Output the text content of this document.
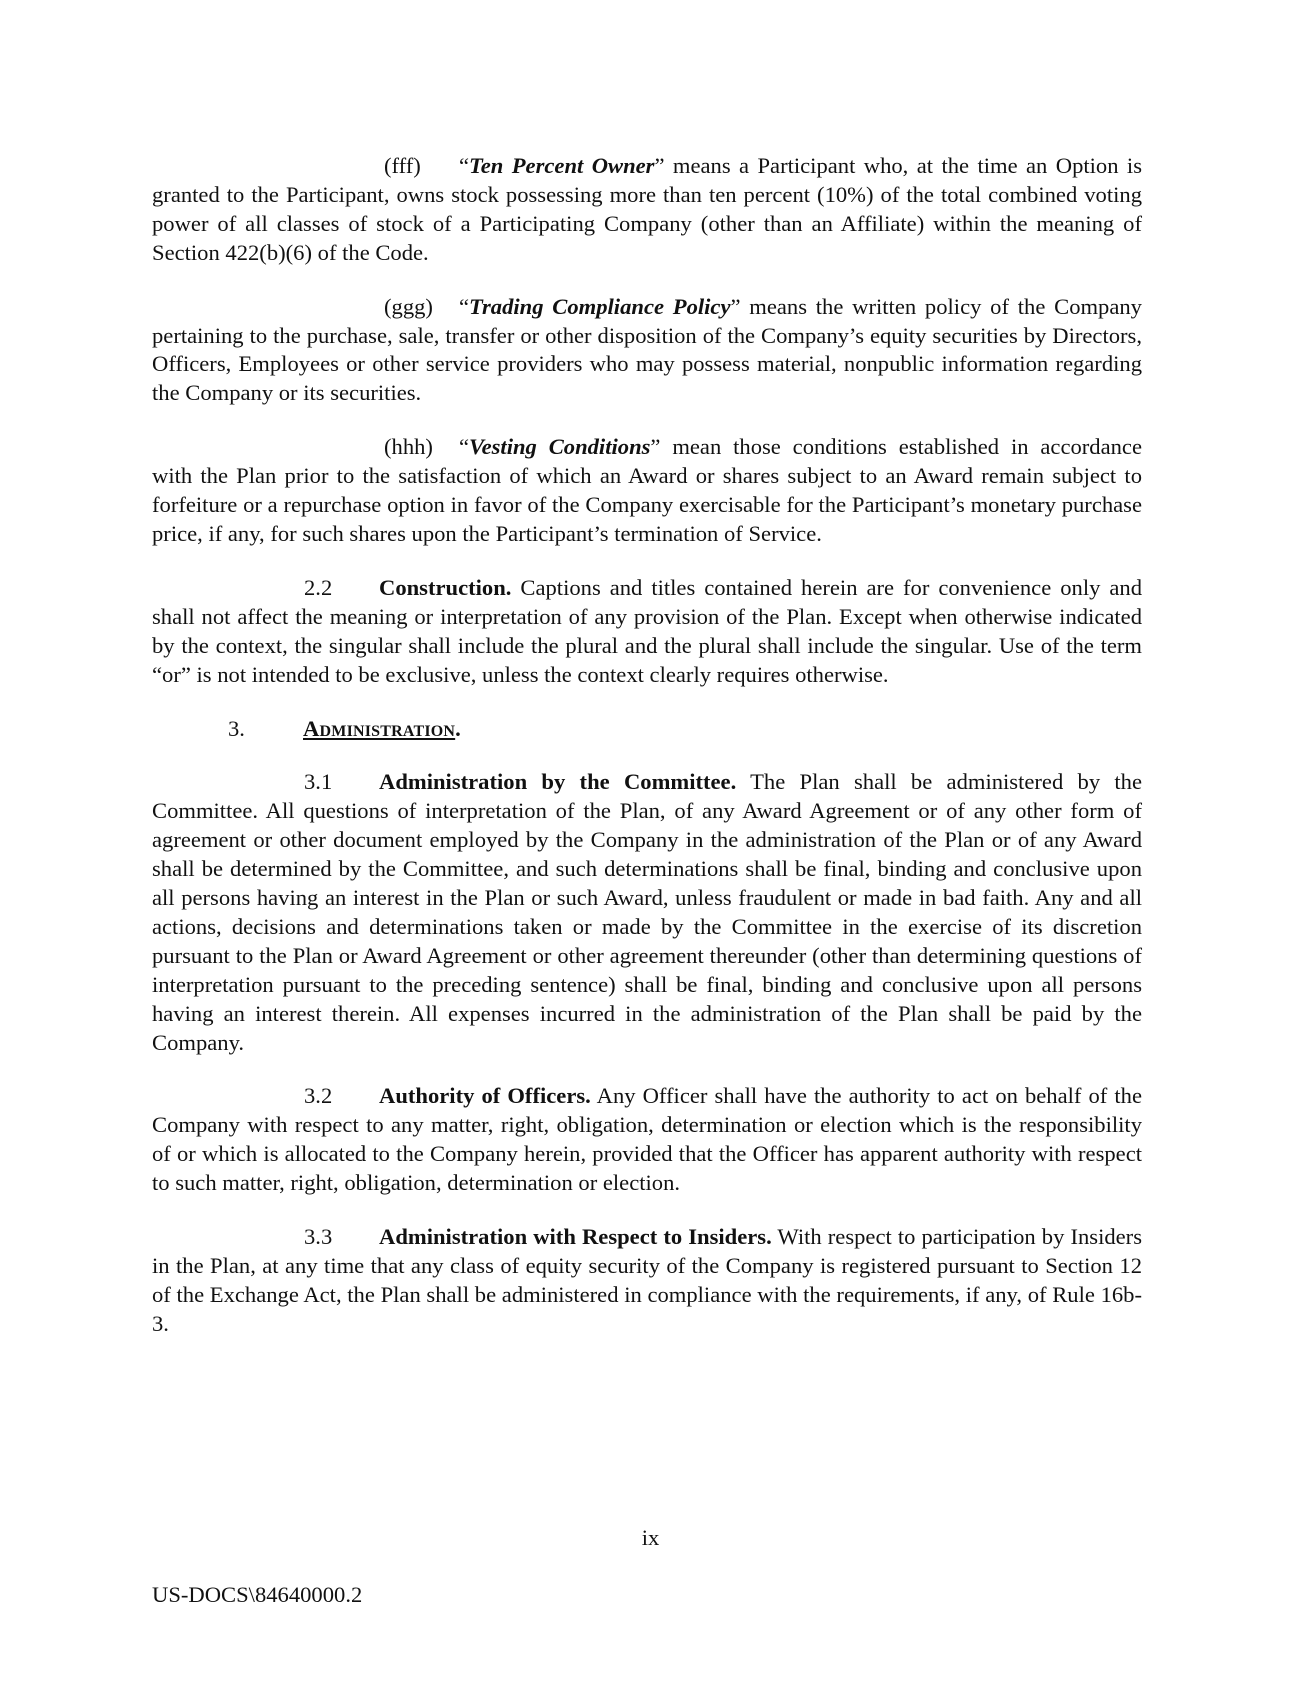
(fff) “Ten Percent Owner” means a Participant who, at the time an Option is granted to the Participant, owns stock possessing more than ten percent (10%) of the total combined voting power of all classes of stock of a Participating Company (other than an Affiliate) within the meaning of Section 422(b)(6) of the Code.

(ggg) “Trading Compliance Policy” means the written policy of the Company pertaining to the purchase, sale, transfer or other disposition of the Company’s equity securities by Directors, Officers, Employees or other service providers who may possess material, nonpublic information regarding the Company or its securities.

(hhh) “Vesting Conditions” mean those conditions established in accordance with the Plan prior to the satisfaction of which an Award or shares subject to an Award remain subject to forfeiture or a repurchase option in favor of the Company exercisable for the Participant’s monetary purchase price, if any, for such shares upon the Participant’s termination of Service.

2.2 Construction. Captions and titles contained herein are for convenience only and shall not affect the meaning or interpretation of any provision of the Plan. Except when otherwise indicated by the context, the singular shall include the plural and the plural shall include the singular. Use of the term “or” is not intended to be exclusive, unless the context clearly requires otherwise.

3.	Administration.

3.1 Administration by the Committee. The Plan shall be administered by the Committee. All questions of interpretation of the Plan, of any Award Agreement or of any other form of agreement or other document employed by the Company in the administration of the Plan or of any Award shall be determined by the Committee, and such determinations shall be final, binding and conclusive upon all persons having an interest in the Plan or such Award, unless fraudulent or made in bad faith. Any and all actions, decisions and determinations taken or made by the Committee in the exercise of its discretion pursuant to the Plan or Award Agreement or other agreement thereunder (other than determining questions of interpretation pursuant to the preceding sentence) shall be final, binding and conclusive upon all persons having an interest therein. All expenses incurred in the administration of the Plan shall be paid by the Company.

3.2 Authority of Officers. Any Officer shall have the authority to act on behalf of the Company with respect to any matter, right, obligation, determination or election which is the responsibility of or which is allocated to the Company herein, provided that the Officer has apparent authority with respect to such matter, right, obligation, determination or election.

3.3 Administration with Respect to Insiders. With respect to participation by Insiders in the Plan, at any time that any class of equity security of the Company is registered pursuant to Section 12 of the Exchange Act, the Plan shall be administered in compliance with the requirements, if any, of Rule 16b-3.

ix
US-DOCS\84640000.2
